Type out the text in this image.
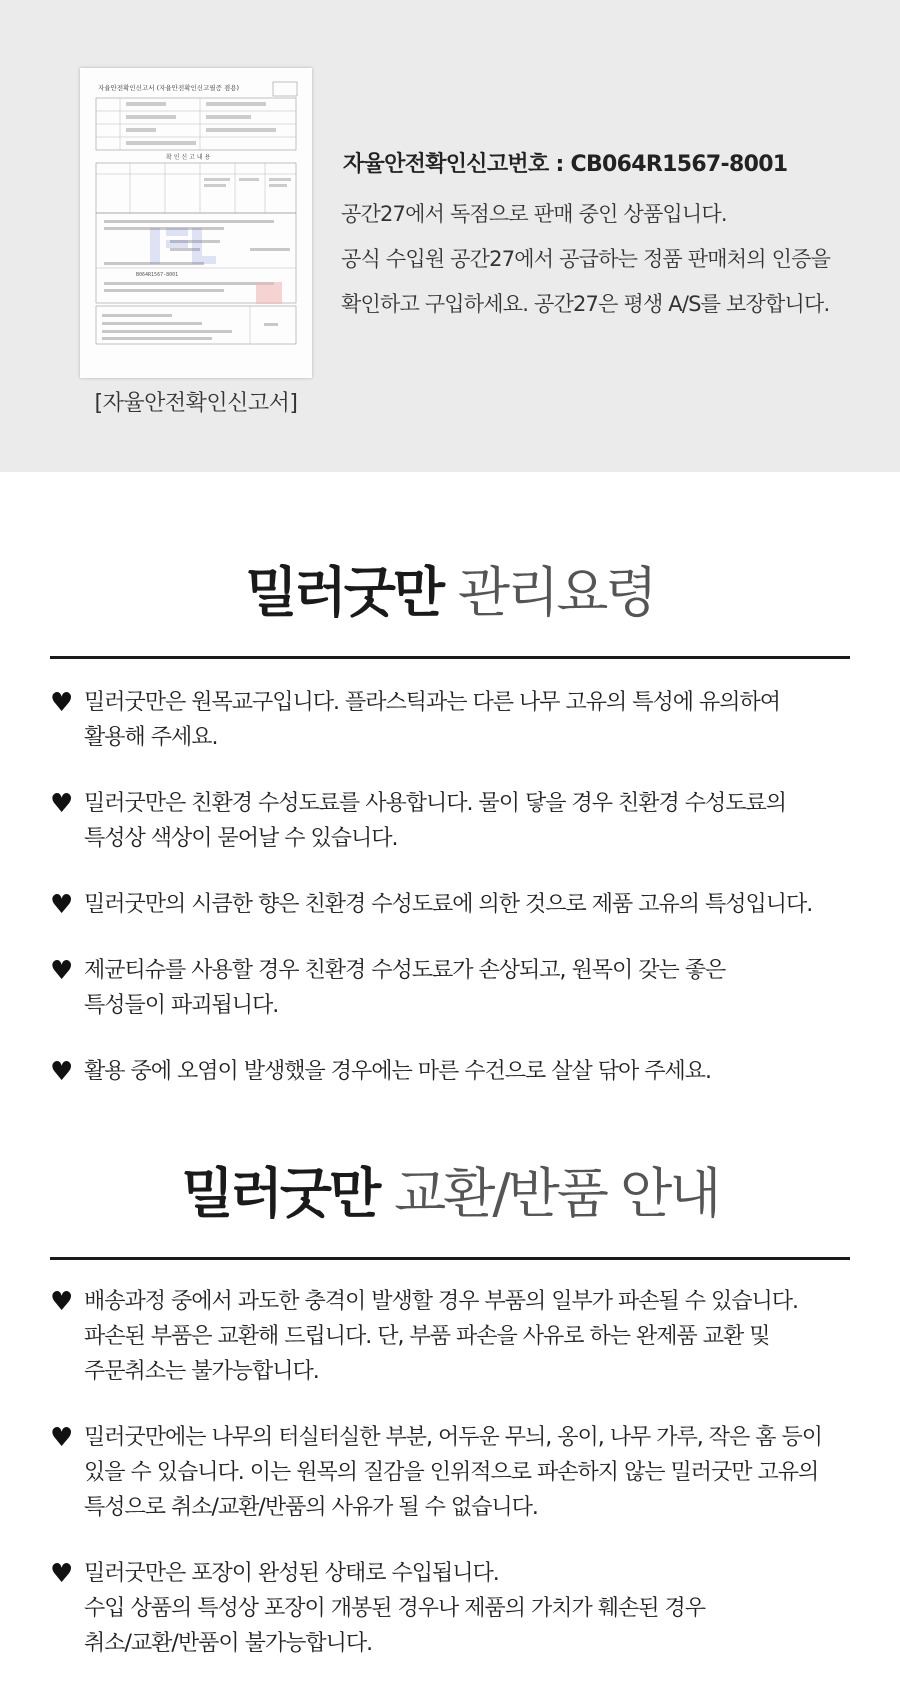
자율안전확인신고서 (자율안전확인신고필증 겸용)
확 인 신 고 내 용
B064R1567-8001
[자율안전확인신고서]
자율안전확인신고번호 : CB064R1567-8001
공간27에서 독점으로 판매 중인 상품입니다.
공식 수입원 공간27에서 공급하는 정품 판매처의 인증을
확인하고 구입하세요. 공간27은 평생 A/S를 보장합니다.
밀러굿만 관리요령
♥ 밀러굿만은 원목교구입니다. 플라스틱과는 다른 나무 고유의 특성에 유의하여
활용해 주세요.
♥ 밀러굿만은 친환경 수성도료를 사용합니다. 물이 닿을 경우 친환경 수성도료의
특성상 색상이 묻어날 수 있습니다.
♥ 밀러굿만의 시큼한 향은 친환경 수성도료에 의한 것으로 제품 고유의 특성입니다.
♥ 제균티슈를 사용할 경우 친환경 수성도료가 손상되고, 원목이 갖는 좋은
특성들이 파괴됩니다.
♥ 활용 중에 오염이 발생했을 경우에는 마른 수건으로 살살 닦아 주세요.
밀러굿만 교환/반품 안내
♥ 배송과정 중에서 과도한 충격이 발생할 경우 부품의 일부가 파손될 수 있습니다.
파손된 부품은 교환해 드립니다. 단, 부품 파손을 사유로 하는 완제품 교환 및
주문취소는 불가능합니다.
♥ 밀러굿만에는 나무의 터실터실한 부분, 어두운 무늬, 옹이, 나무 가루, 작은 홈 등이
있을 수 있습니다. 이는 원목의 질감을 인위적으로 파손하지 않는 밀러굿만 고유의
특성으로 취소/교환/반품의 사유가 될 수 없습니다.
♥ 밀러굿만은 포장이 완성된 상태로 수입됩니다.
수입 상품의 특성상 포장이 개봉된 경우나 제품의 가치가 훼손된 경우
취소/교환/반품이 불가능합니다.
